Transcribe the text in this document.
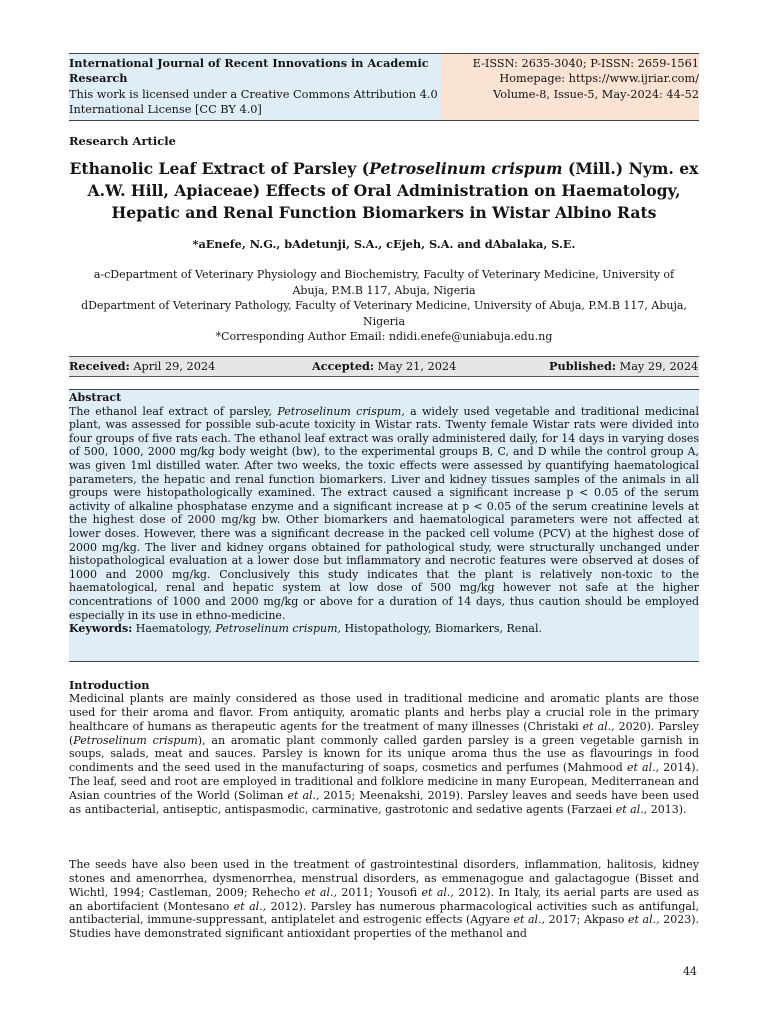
International Journal of Recent Innovations in Academic
Research
This work is licensed under a Creative Commons Attribution 4.0
International License [CC BY 4.0]
E-ISSN: 2635-3040; P-ISSN: 2659-1561
Homepage: https://www.ijriar.com/
Volume-8, Issue-5, May-2024: 44-52
Research Article
Ethanolic Leaf Extract of Parsley (Petroselinum crispum (Mill.) Nym. ex
A.W. Hill, Apiaceae) Effects of Oral Administration on Haematology,
Hepatic and Renal Function Biomarkers in Wistar Albino Rats
*aEnefe, N.G., bAdetunji, S.A., cEjeh, S.A. and dAbalaka, S.E.
a-cDepartment of Veterinary Physiology and Biochemistry, Faculty of Veterinary Medicine, University of
Abuja, P.M.B 117, Abuja, Nigeria
dDepartment of Veterinary Pathology, Faculty of Veterinary Medicine, University of Abuja, P.M.B 117, Abuja,
Nigeria
*Corresponding Author Email: ndidi.enefe@uniabuja.edu.ng
Received: April 29, 2024	Accepted: May 21, 2024	Published: May 29, 2024
Abstract
The ethanol leaf extract of parsley, Petroselinum crispum, a widely used vegetable and traditional medicinal plant, was assessed for possible sub-acute toxicity in Wistar rats. Twenty female Wistar rats were divided into four groups of five rats each. The ethanol leaf extract was orally administered daily, for 14 days in varying doses of 500, 1000, 2000 mg/kg body weight (bw), to the experimental groups B, C, and D while the control group A, was given 1ml distilled water. After two weeks, the toxic effects were assessed by quantifying haematological parameters, the hepatic and renal function biomarkers. Liver and kidney tissues samples of the animals in all groups were histopathologically examined. The extract caused a significant increase p < 0.05 of the serum activity of alkaline phosphatase enzyme and a significant increase at p < 0.05 of the serum creatinine levels at the highest dose of 2000 mg/kg bw. Other biomarkers and haematological parameters were not affected at lower doses. However, there was a significant decrease in the packed cell volume (PCV) at the highest dose of 2000 mg/kg. The liver and kidney organs obtained for pathological study, were structurally unchanged under histopathological evaluation at a lower dose but inflammatory and necrotic features were observed at doses of 1000 and 2000 mg/kg. Conclusively this study indicates that the plant is relatively non-toxic to the haematological, renal and hepatic system at low dose of 500 mg/kg however not safe at the higher concentrations of 1000 and 2000 mg/kg or above for a duration of 14 days, thus caution should be employed especially in its use in ethno-medicine.
Keywords: Haematology, Petroselinum crispum, Histopathology, Biomarkers, Renal.
Introduction
Medicinal plants are mainly considered as those used in traditional medicine and aromatic plants are those used for their aroma and flavor. From antiquity, aromatic plants and herbs play a crucial role in the primary healthcare of humans as therapeutic agents for the treatment of many illnesses (Christaki et al., 2020). Parsley (Petroselinum crispum), an aromatic plant commonly called garden parsley is a green vegetable garnish in soups, salads, meat and sauces. Parsley is known for its unique aroma thus the use as flavourings in food condiments and the seed used in the manufacturing of soaps, cosmetics and perfumes (Mahmood et al., 2014). The leaf, seed and root are employed in traditional and folklore medicine in many European, Mediterranean and Asian countries of the World (Soliman et al., 2015; Meenakshi, 2019). Parsley leaves and seeds have been used as antibacterial, antiseptic, antispasmodic, carminative, gastrotonic and sedative agents (Farzaei et al., 2013).
The seeds have also been used in the treatment of gastrointestinal disorders, inflammation, halitosis, kidney stones and amenorrhea, dysmenorrhea, menstrual disorders, as emmenagogue and galactagogue (Bisset and Wichtl, 1994; Castleman, 2009; Rehecho et al., 2011; Yousofi et al., 2012). In Italy, its aerial parts are used as an abortifacient (Montesano et al., 2012). Parsley has numerous pharmacological activities such as antifungal, antibacterial, immune-suppressant, antiplatelet and estrogenic effects (Agyare et al., 2017; Akpaso et al., 2023). Studies have demonstrated significant antioxidant properties of the methanol and
44
